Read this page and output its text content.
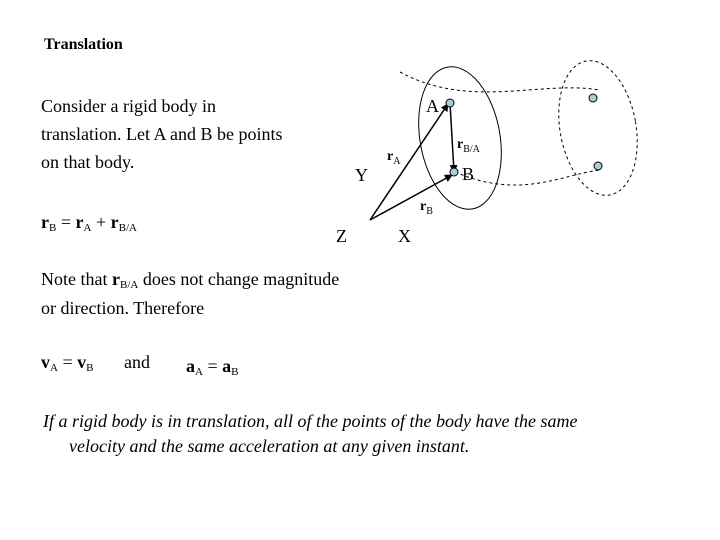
Translation
Consider a rigid body in translation. Let A and B be points on that body.
$r_B = r_A + r_{B/A}$
Note that $r_{B/A}$ does not change magnitude or direction. Therefore
$v_A = v_B$ and $a_A = a_B$
If a rigid body is in translation, all of the points of the body have the same
velocity and the same acceleration at any given instant.
A
B
Y
Z	X
$r_A$
$r_{B/A}$
$r_B$
